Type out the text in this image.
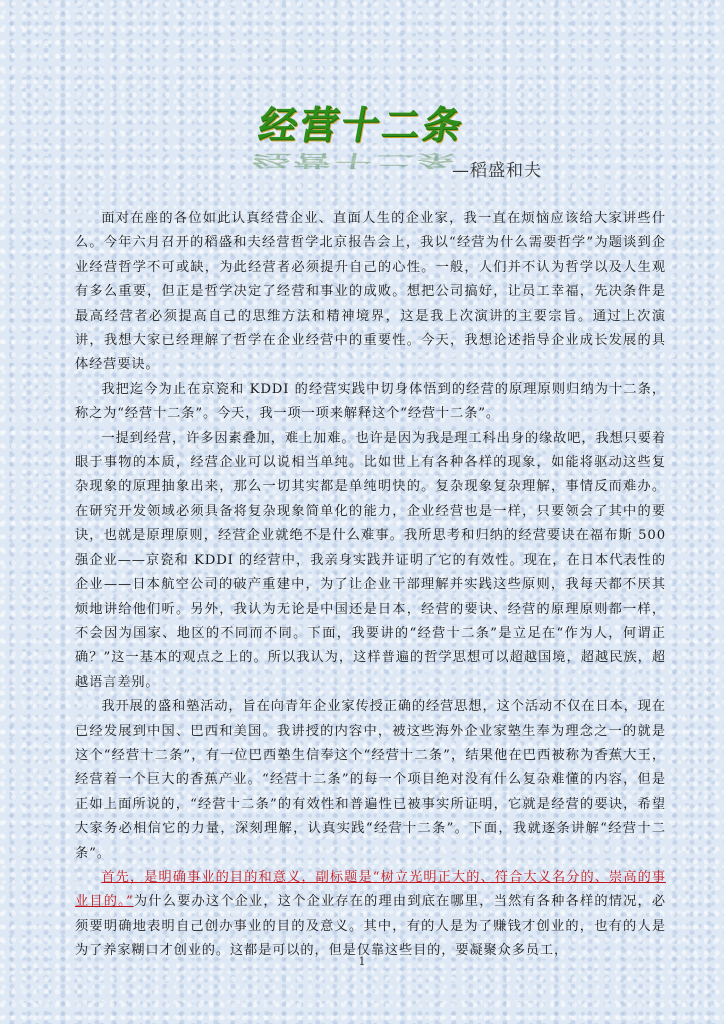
经营十二条
经营十二条
—稻盛和夫

面对在座的各位如此认真经营企业、直面人生的企业家，我一直在烦恼应该给大家讲些什么。今年六月召开的稻盛和夫经营哲学北京报告会上，我以“经营为什么需要哲学”为题谈到企业经营哲学不可或缺，为此经营者必须提升自己的心性。一般，人们并不认为哲学以及人生观有多么重要，但正是哲学决定了经营和事业的成败。想把公司搞好，让员工幸福，先决条件是最高经营者必须提高自己的思维方法和精神境界，这是我上次演讲的主要宗旨。通过上次演讲，我想大家已经理解了哲学在企业经营中的重要性。今天，我想论述指导企业成长发展的具体经营要诀。

我把迄今为止在京瓷和 KDDI 的经营实践中切身体悟到的经营的原理原则归纳为十二条，称之为“经营十二条”。今天，我一项一项来解释这个“经营十二条”。

一提到经营，许多因素叠加，难上加难。也许是因为我是理工科出身的缘故吧，我想只要着眼于事物的本质，经营企业可以说相当单纯。比如世上有各种各样的现象，如能将驱动这些复杂现象的原理抽象出来，那么一切其实都是单纯明快的。复杂现象复杂理解，事情反而难办。在研究开发领域必须具备将复杂现象简单化的能力，企业经营也是一样，只要领会了其中的要诀，也就是原理原则，经营企业就绝不是什么难事。我所思考和归纳的经营要诀在福布斯 500 强企业——京瓷和 KDDI 的经营中，我亲身实践并证明了它的有效性。现在，在日本代表性的企业——日本航空公司的破产重建中，为了让企业干部理解并实践这些原则，我每天都不厌其烦地讲给他们听。另外，我认为无论是中国还是日本，经营的要诀、经营的原理原则都一样，不会因为国家、地区的不同而不同。下面，我要讲的“经营十二条”是立足在“作为人，何谓正确？”这一基本的观点之上的。所以我认为，这样普遍的哲学思想可以超越国境，超越民族，超越语言差别。

我开展的盛和塾活动，旨在向青年企业家传授正确的经营思想，这个活动不仅在日本，现在已经发展到中国、巴西和美国。我讲授的内容中，被这些海外企业家塾生奉为理念之一的就是这个“经营十二条”，有一位巴西塾生信奉这个“经营十二条”，结果他在巴西被称为香蕉大王，经营着一个巨大的香蕉产业。“经营十二条”的每一个项目绝对没有什么复杂难懂的内容，但是正如上面所说的，“经营十二条”的有效性和普遍性已被事实所证明，它就是经营的要诀，希望大家务必相信它的力量，深刻理解，认真实践“经营十二条”。下面，我就逐条讲解“经营十二条”。

首先，是明确事业的目的和意义，副标题是“树立光明正大的、符合大义名分的、崇高的事业目的。”为什么要办这个企业，这个企业存在的理由到底在哪里，当然有各种各样的情况，必须要明确地表明自己创办事业的目的及意义。其中，有的人是为了赚钱才创业的，也有的人是为了养家糊口才创业的。这都是可以的，但是仅靠这些目的，要凝聚众多员工，

1
